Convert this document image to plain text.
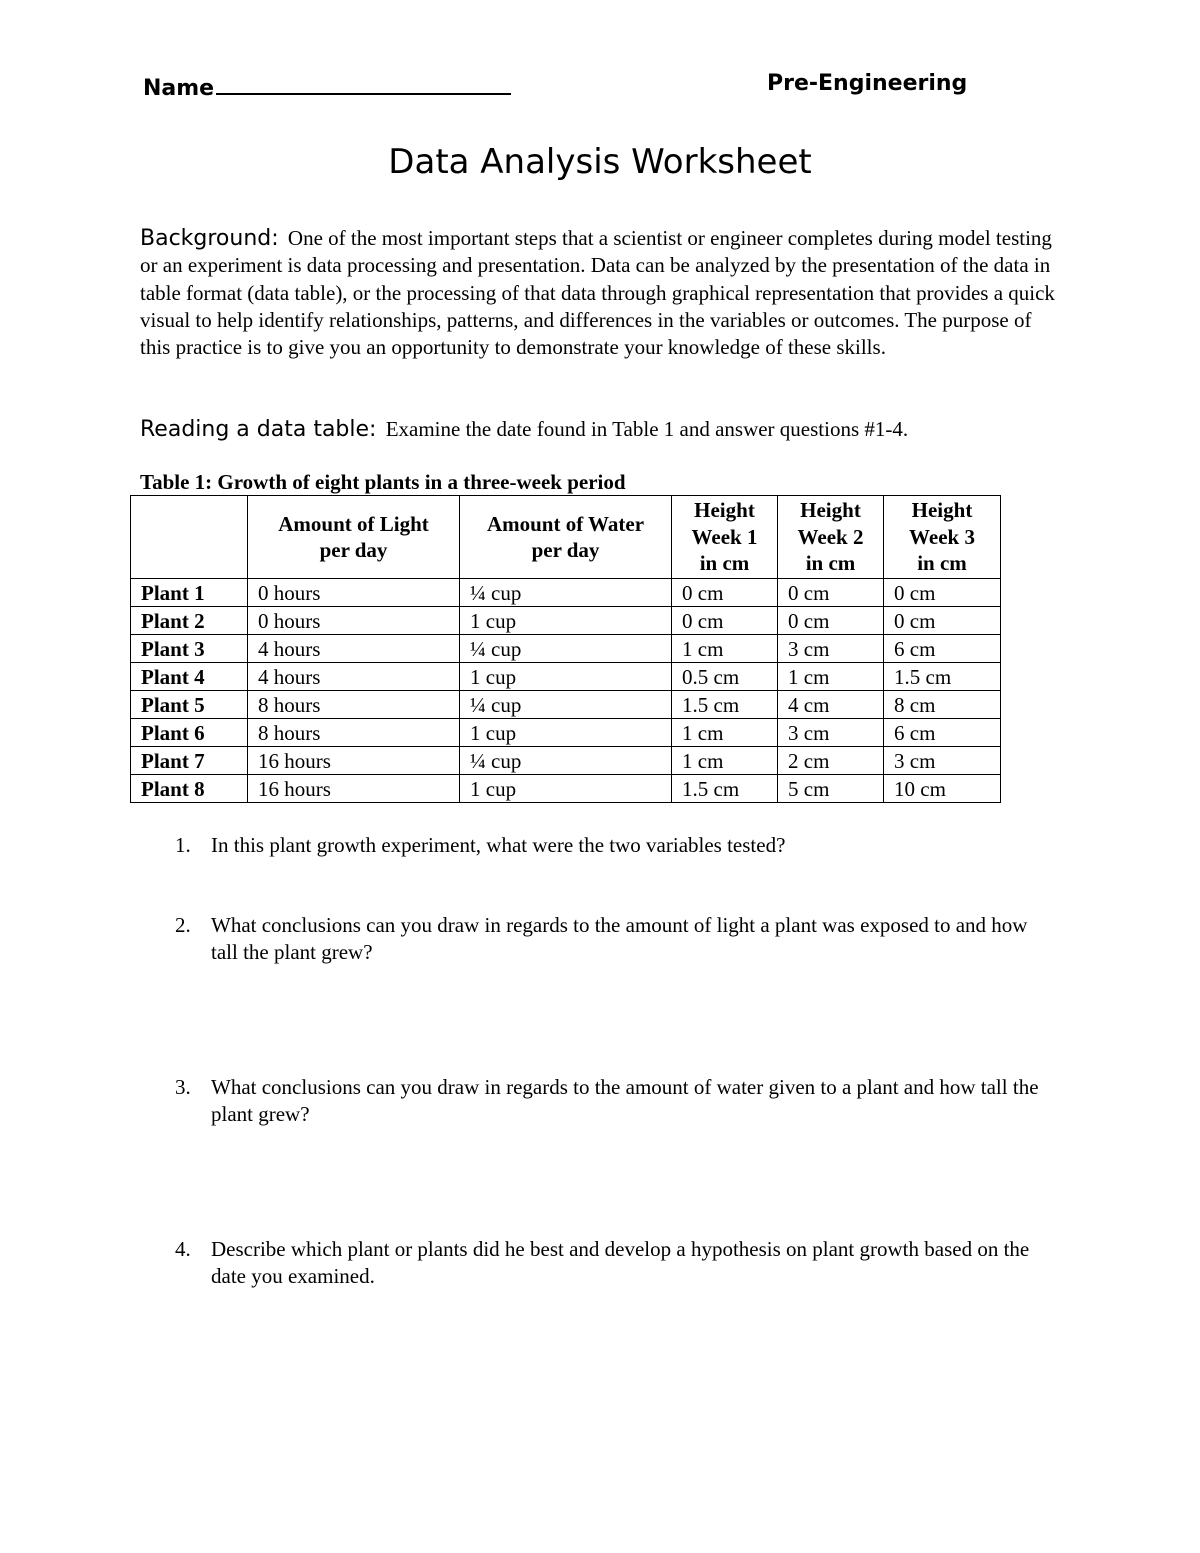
Name	Pre-Engineering
Data Analysis Worksheet
Background: One of the most important steps that a scientist or engineer completes during model testing or an experiment is data processing and presentation. Data can be analyzed by the presentation of the data in table format (data table), or the processing of that data through graphical representation that provides a quick visual to help identify relationships, patterns, and differences in the variables or outcomes. The purpose of this practice is to give you an opportunity to demonstrate your knowledge of these skills.
Reading a data table: Examine the date found in Table 1 and answer questions #1-4.
Table 1: Growth of eight plants in a three-week period
	Amount of Light per day	Amount of Water per day	Height Week 1 in cm	Height Week 2 in cm	Height Week 3 in cm
Plant 1	0 hours	¼ cup	0 cm	0 cm	0 cm
Plant 2	0 hours	1 cup	0 cm	0 cm	0 cm
Plant 3	4 hours	¼ cup	1 cm	3 cm	6 cm
Plant 4	4 hours	1 cup	0.5 cm	1 cm	1.5 cm
Plant 5	8 hours	¼ cup	1.5 cm	4 cm	8 cm
Plant 6	8 hours	1 cup	1 cm	3 cm	6 cm
Plant 7	16 hours	¼ cup	1 cm	2 cm	3 cm
Plant 8	16 hours	1 cup	1.5 cm	5 cm	10 cm
1. In this plant growth experiment, what were the two variables tested?
2. What conclusions can you draw in regards to the amount of light a plant was exposed to and how tall the plant grew?
3. What conclusions can you draw in regards to the amount of water given to a plant and how tall the plant grew?
4. Describe which plant or plants did he best and develop a hypothesis on plant growth based on the date you examined.
